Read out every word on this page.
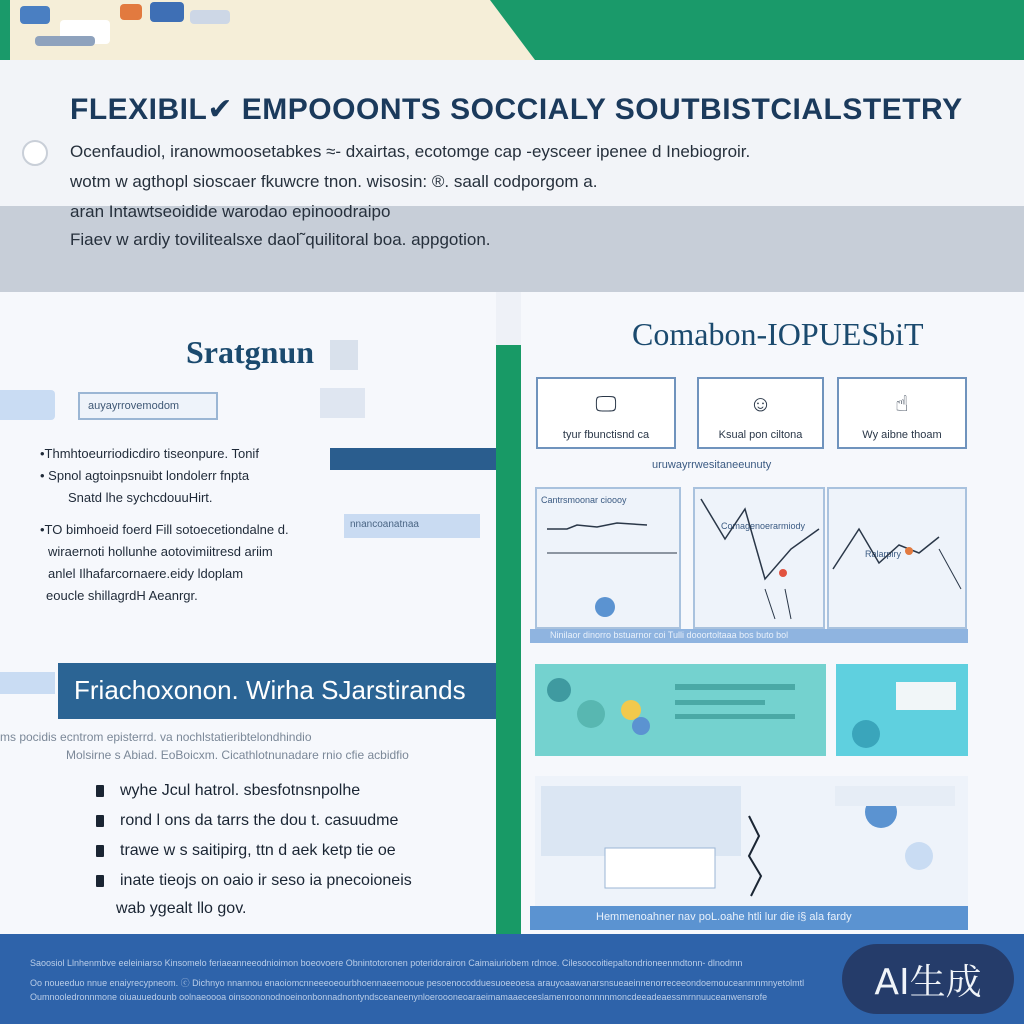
FLEXIBIL✔ EMPOOONTS SOCCIALY SOUTBISTCIALSTETRY
Ocenfaudiol, iranowmoosetabkes ≈- dxairtas, ecotomge cap -eysceer ipenee d Inebiogroir.
wotm w agthopl sioscaer fkuwcre tnon. wisosin: ®. saall codporgom a.
aran Intawtseoidide warodao epinoodraipo
Fiaev w ardiy tovilitealsxe daol˜quilitoral boa. appgotion.
Sratgnun
auyayrrovemodom
nnancoanatnaa
•Thmhtoeurriodicdiro tiseonpure. Tonif
• Spnol agtoinpsnuibt londolerr fnpta
Snatd lhe sychcdouuHirt.
•TO bimhoeid foerd Fill sotoecetiondalne d.
wiraernoti hollunhe aotovimiitresd ariim
anlel Ilhafarcornaere.eidy ldoplam
eoucle shillagrdH Aeanrgr.
Friachoxonon. Wirha SJarstirands
ms pocidis ecntrom episterrd. va nochlstatieribtelondhindio
Molsirne s Abiad. EoBoicxm. Cicathlotnunadare rnio cfie acbidfio
wyhe Jcul hatrol. sbesfotnsnpolhe
rond l ons da tarrs the dou t. casuudme
trawe w s saitipirg, ttn d aek ketp tie oe
inate tieojs on oaio ir seso ia pnecoioneis
wab ygealt llo gov.
Comabon-IOPUESbiT
🖵
tyur fbunctisnd ca
☺
Ksual pon ciltona
☝
Wy aibne thoam
uruwayrrwesitaneeunuty
Cantrsmoonar cioooy
Comagenoerarmiody
Ralarpiry
Ninilaor dinorro bstuarnor coi Tulli dooortoltaaa bos buto bol
Hemmenoahner nav poL.oahe htli lur die i§ ala fardy
Saoosiol Llnhenmbve eeleiniarso Kinsomelo feriaeanneeodnioimon boeovoere Obnintotoronen poteridorairon Caimaiuriobem rdmoe. Cilesoocoitiepaltondrioneenmdtonn- dlnodmn
Oo noueeduo nnue enaiyrecypneom. ⓒ Dichnyo nnannou enaoiomcnneeeoeourbhoennaeemooue pesoenocodduesuoeeoesa arauyoaawanarsnsueaeinnenorreceeondoemouceanmnmnyetolmtl
Oumnooledronnmone oiuauuedounb oolnaeoooa oinsoononodnoeinonbonnadnontyndsceaneenynloeroooneoaraeimamaaeceeslamenroononnnnmoncdeeadeaessmrnnuuceanwensrofe	AI生成
